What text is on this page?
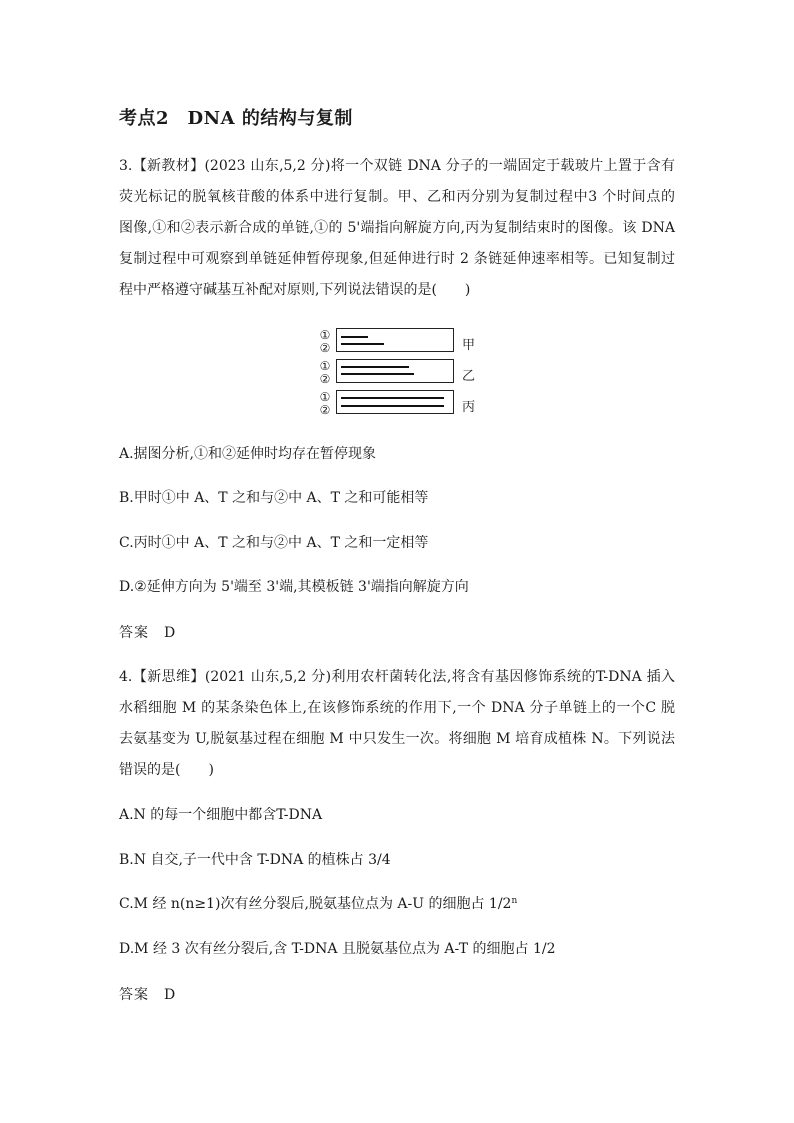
考点2　DNA 的结构与复制
3.【新教材】(2023 山东,5,2 分)将一个双链 DNA 分子的一端固定于载玻片上置于含有
荧光标记的脱氧核苷酸的体系中进行复制。甲、乙和丙分别为复制过程中3 个时间点的
图像,①和②表示新合成的单链,①的 5'端指向解旋方向,丙为复制结束时的图像。该 DNA
复制过程中可观察到单链延伸暂停现象,但延伸进行时 2 条链延伸速率相等。已知复制过
程中严格遵守碱基互补配对原则,下列说法错误的是(　　)
①
②	甲
①
②	乙
①
②	丙
A.据图分析,①和②延伸时均存在暂停现象
B.甲时①中 A、T 之和与②中 A、T 之和可能相等
C.丙时①中 A、T 之和与②中 A、T 之和一定相等
D.②延伸方向为 5'端至 3'端,其模板链 3'端指向解旋方向
答案　D
4.【新思维】(2021 山东,5,2 分)利用农杆菌转化法,将含有基因修饰系统的T-DNA 插入
水稻细胞 M 的某条染色体上,在该修饰系统的作用下,一个 DNA 分子单链上的一个C 脱
去氨基变为 U,脱氨基过程在细胞 M 中只发生一次。将细胞 M 培育成植株 N。下列说法
错误的是(　　)
A.N 的每一个细胞中都含T-DNA
B.N 自交,子一代中含 T-DNA 的植株占 3/4
C.M 经 n(n≥1)次有丝分裂后,脱氨基位点为 A-U 的细胞占 1/2$^n$
D.M 经 3 次有丝分裂后,含 T-DNA 且脱氨基位点为 A-T 的细胞占 1/2
答案　D
